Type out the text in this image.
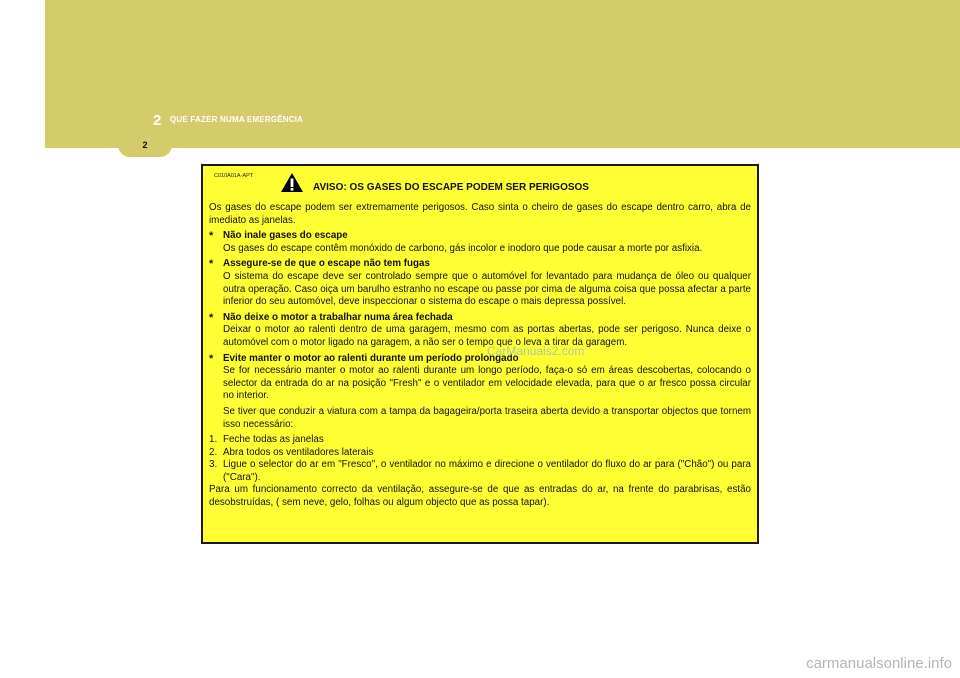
2 QUE FAZER NUMA EMERGÊNCIA
2
C010A01A-APT
AVISO: OS GASES DO ESCAPE PODEM SER PERIGOSOS

Os gases do escape podem ser extremamente perigosos. Caso sinta o cheiro de gases do escape dentro carro, abra de imediato as janelas.

* Não inale gases do escape
Os gases do escape contêm monóxido de carbono, gás incolor e inodoro que pode causar a morte por asfixia.
* Assegure-se de que o escape não tem fugas
O sistema do escape deve ser controlado sempre que o automóvel for levantado para mudança de óleo ou qualquer outra operação. Caso oiça um barulho estranho no escape ou passe por cima de alguma coisa que possa afectar a parte inferior do seu automóvel, deve inspeccionar o sistema do escape o mais depressa possível.
* Não deixe o motor a trabalhar numa área fechada
Deixar o motor ao ralenti dentro de uma garagem, mesmo com as portas abertas, pode ser perigoso. Nunca deixe o automóvel com o motor ligado na garagem, a não ser o tempo que o leva a tirar da garagem.
* Evite manter o motor ao ralenti durante um período prolongado
Se for necessário manter o motor ao ralenti durante um longo período, faça-o só em áreas descobertas, colocando o selector da entrada do ar na posição "Fresh" e o ventilador em velocidade elevada, para que o ar fresco possa circular no interior.
Se tiver que conduzir a viatura com a tampa da bagageira/porta traseira aberta devido a transportar objectos que tornem isso necessário:
1. Feche todas as janelas
2. Abra todos os ventiladores laterais
3. Ligue o selector do ar em "Fresco", o ventilador no máximo e direcione o ventilador do fluxo do ar para ("Chão") ou para ("Cara").

Para um funcionamento correcto da ventilação, assegure-se de que as entradas do ar, na frente do parabrisas, estão desobstruídas, ( sem neve, gelo, folhas ou algum objecto que as possa tapar).

CarManuals2.com
carmanualsonline.info
